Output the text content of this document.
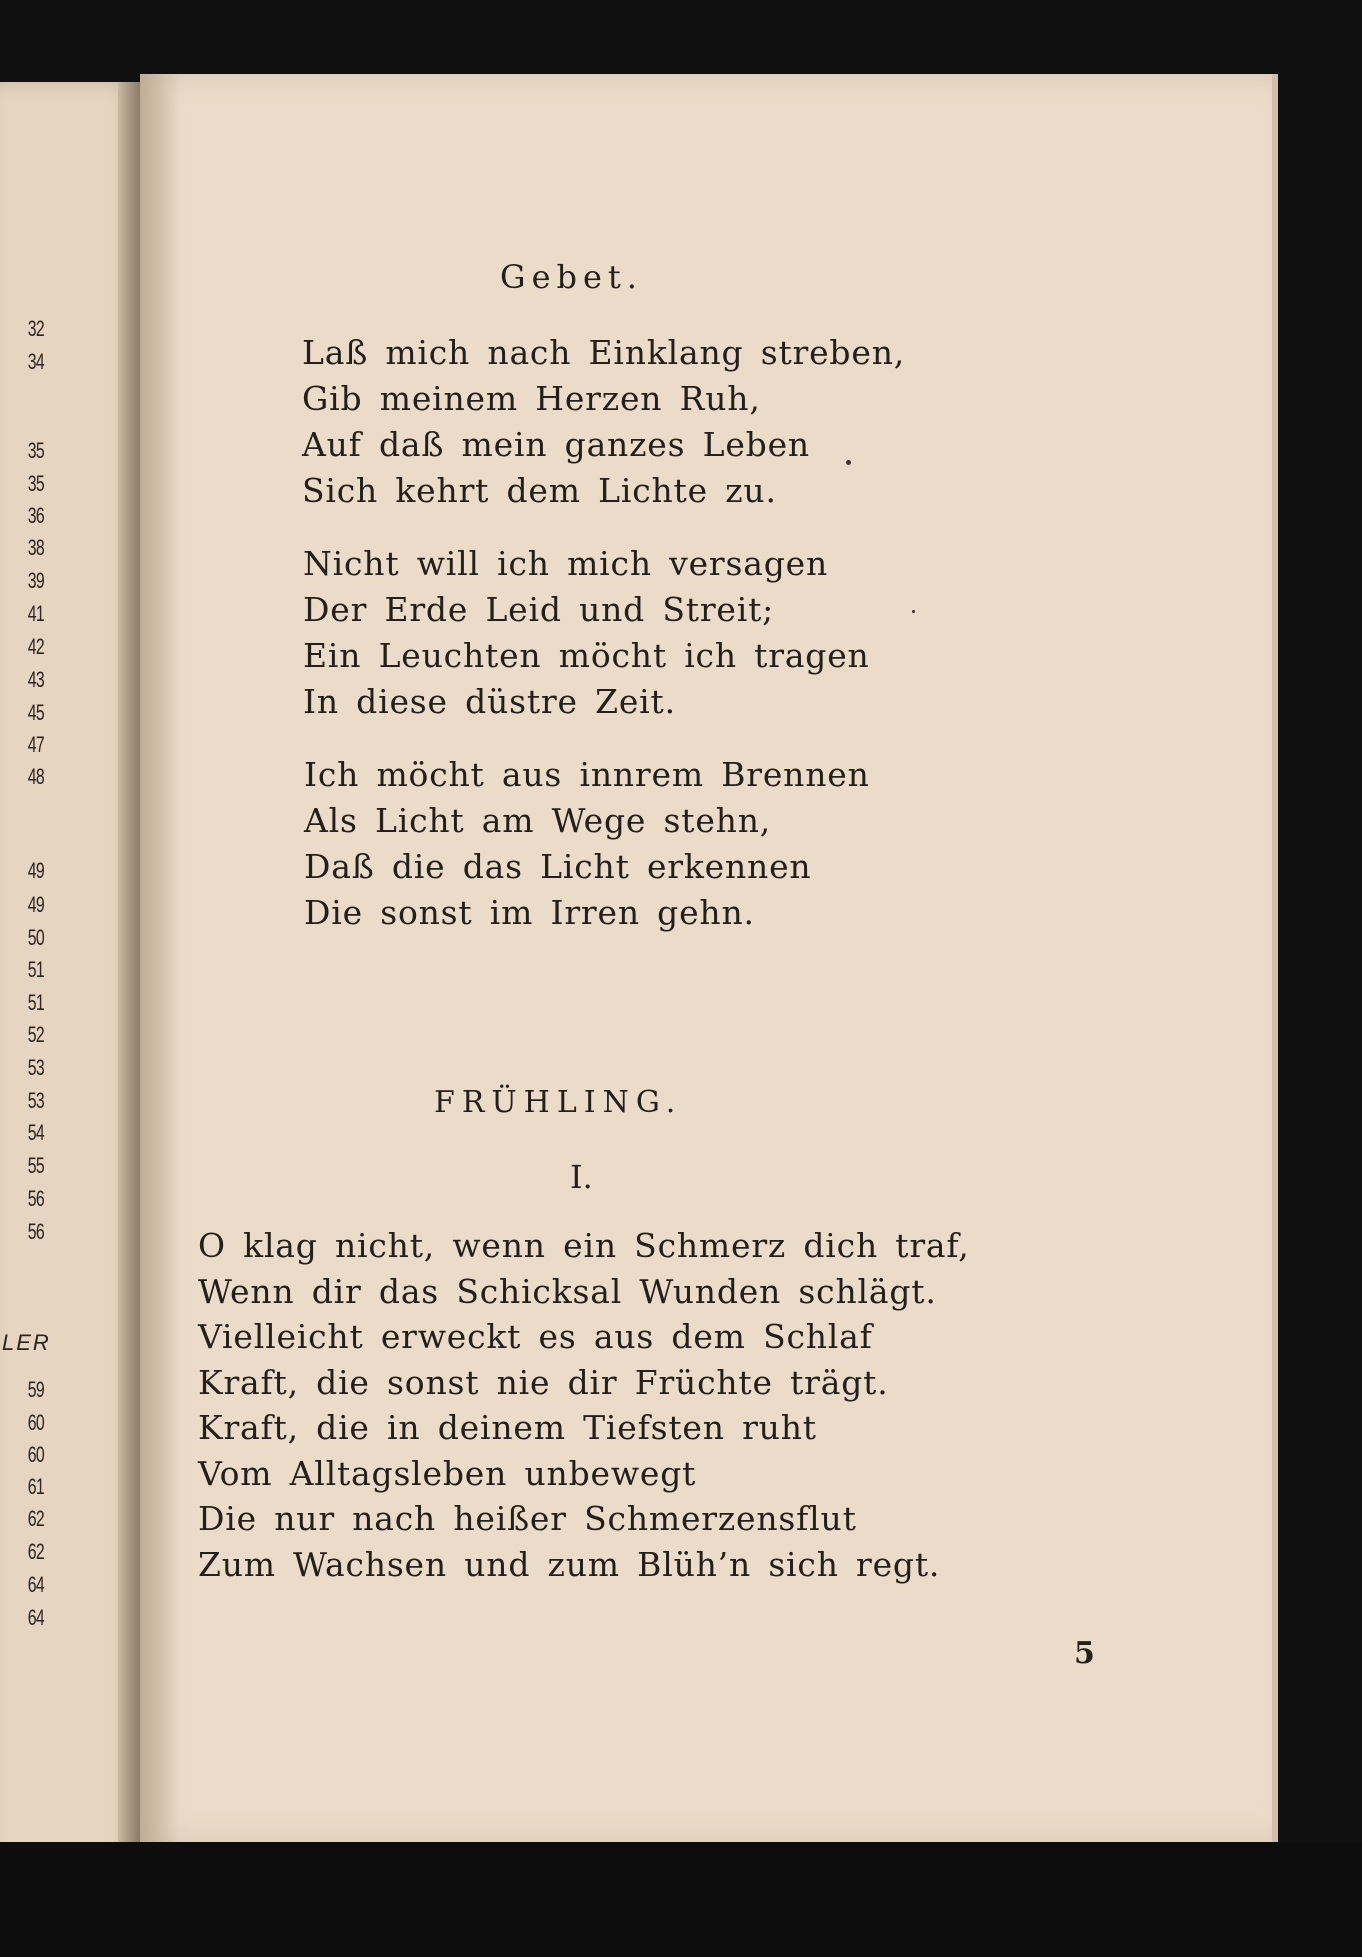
32
34
35
35
36
38
39
41
42
43
45
47
48
49
49
50
51
51
52
53
53
54
55
56
56
LER
59
60
60
61
62
62
64
64
Gebet.
Laß mich nach Einklang streben,
Gib meinem Herzen Ruh,
Auf daß mein ganzes Leben
Sich kehrt dem Lichte zu.
Nicht will ich mich versagen
Der Erde Leid und Streit;
Ein Leuchten möcht ich tragen
In diese düstre Zeit.
Ich möcht aus innrem Brennen
Als Licht am Wege stehn,
Daß die das Licht erkennen
Die sonst im Irren gehn.
FRÜHLING.
I.
O klag nicht, wenn ein Schmerz dich traf,
Wenn dir das Schicksal Wunden schlägt.
Vielleicht erweckt es aus dem Schlaf
Kraft, die sonst nie dir Früchte trägt.
Kraft, die in deinem Tiefsten ruht
Vom Alltagsleben unbewegt
Die nur nach heißer Schmerzensflut
Zum Wachsen und zum Blüh’n sich regt.
5
